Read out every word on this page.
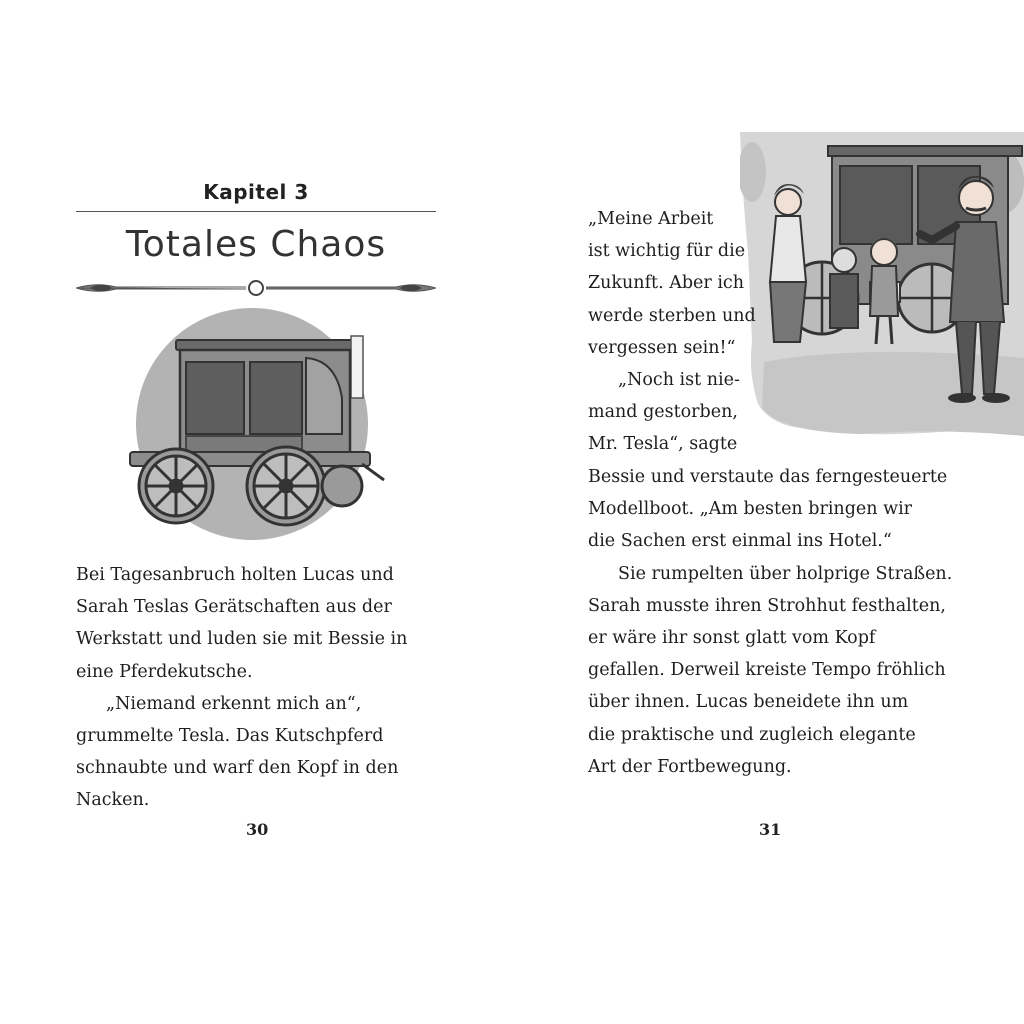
Kapitel 3
Totales Chaos

Bei Tagesanbruch holten Lucas und Sarah Teslas Gerätschaften aus der Werkstatt und luden sie mit Bessie in eine Pferdekutsche.

„Niemand erkennt mich an“, grummelte Tesla. Das Kutschpferd schnaubte und warf den Kopf in den Nacken.

30
„Meine Arbeit
ist wichtig für die
Zukunft. Aber ich
werde sterben und
vergessen sein!“
„Noch ist nie-
mand gestorben,
Mr. Tesla“, sagte
Bessie und verstaute das ferngesteuerte
Modellboot. „Am besten bringen wir
die Sachen erst einmal ins Hotel.“
Sie rumpelten über holprige Straßen.
Sarah musste ihren Strohhut festhalten,
er wäre ihr sonst glatt vom Kopf
gefallen. Derweil kreiste Tempo fröhlich
über ihnen. Lucas beneidete ihn um
die praktische und zugleich elegante
Art der Fortbewegung.
31
